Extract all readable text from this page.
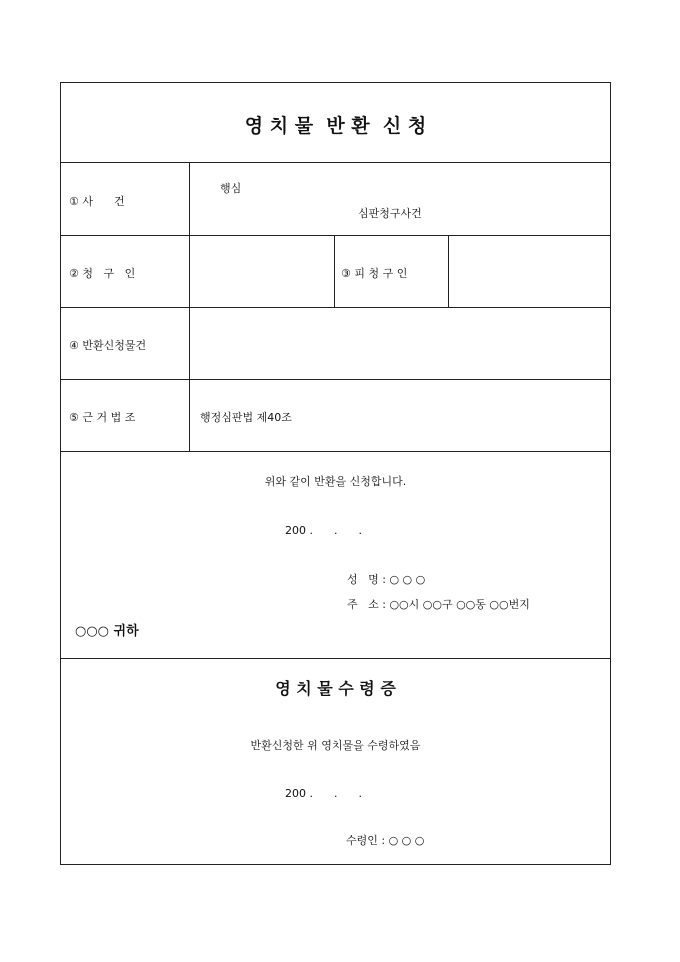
영 치 물  반 환  신 청
① 사      건
행심
심판청구사건
② 청   구   인	③ 피 청 구 인
④ 반환신청물건
⑤ 근 거 법 조	행정심판법 제40조
위와 같이 반환을 신청합니다.
200 .      .      .
성   명 : ○ ○ ○
주   소 : ○○시 ○○구 ○○동 ○○번지
○○○ 귀하
영 치 물 수 령 증
반환신청한 위 영치물을 수령하였음
200 .      .      .
수령인 : ○ ○ ○
